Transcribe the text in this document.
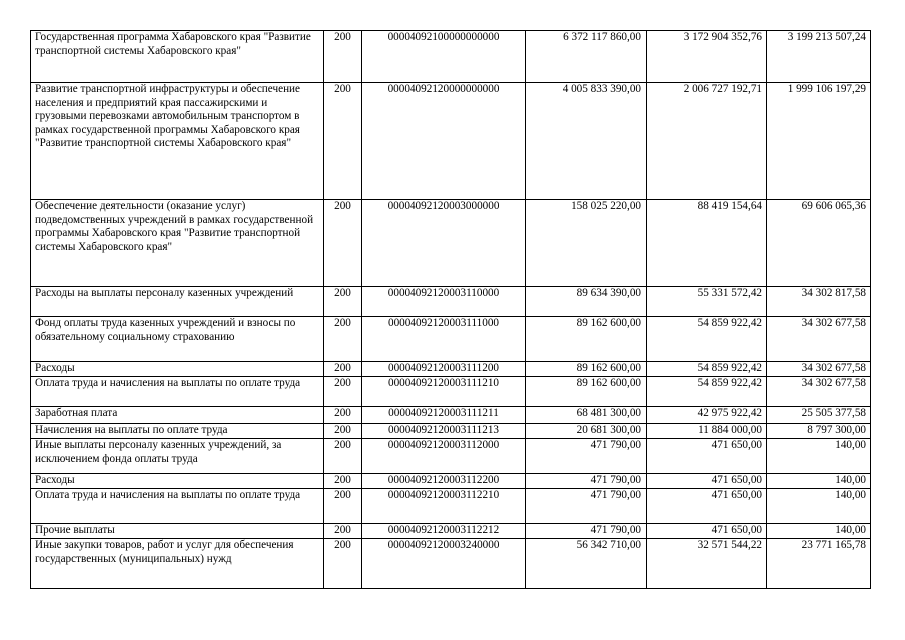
Государственная программа Хабаровского края "Развитие транспортной системы Хабаровского края"	200	00004092100000000000	6 372 117 860,00	3 172 904 352,76	3 199 213 507,24
Развитие транспортной инфраструктуры и обеспечение населения и предприятий края пассажирскими и грузовыми перевозками автомобильным транспортом в рамках государственной программы Хабаровского края "Развитие транспортной системы Хабаровского края"	200	00004092120000000000	4 005 833 390,00	2 006 727 192,71	1 999 106 197,29
Обеспечение деятельности (оказание услуг) подведомственных учреждений в рамках государственной программы Хабаровского края "Развитие транспортной системы Хабаровского края"	200	00004092120003000000	158 025 220,00	88 419 154,64	69 606 065,36
Расходы на выплаты персоналу казенных учреждений	200	00004092120003110000	89 634 390,00	55 331 572,42	34 302 817,58
Фонд оплаты труда казенных учреждений и взносы по обязательному социальному страхованию	200	00004092120003111000	89 162 600,00	54 859 922,42	34 302 677,58
Расходы	200	00004092120003111200	89 162 600,00	54 859 922,42	34 302 677,58
Оплата труда и начисления на выплаты по оплате труда	200	00004092120003111210	89 162 600,00	54 859 922,42	34 302 677,58
Заработная плата	200	00004092120003111211	68 481 300,00	42 975 922,42	25 505 377,58
Начисления на выплаты по оплате труда	200	00004092120003111213	20 681 300,00	11 884 000,00	8 797 300,00
Иные выплаты персоналу казенных учреждений, за исключением фонда оплаты труда	200	00004092120003112000	471 790,00	471 650,00	140,00
Расходы	200	00004092120003112200	471 790,00	471 650,00	140,00
Оплата труда и начисления на выплаты по оплате труда	200	00004092120003112210	471 790,00	471 650,00	140,00
Прочие выплаты	200	00004092120003112212	471 790,00	471 650,00	140,00
Иные закупки товаров, работ и услуг для обеспечения государственных (муниципальных) нужд	200	00004092120003240000	56 342 710,00	32 571 544,22	23 771 165,78
